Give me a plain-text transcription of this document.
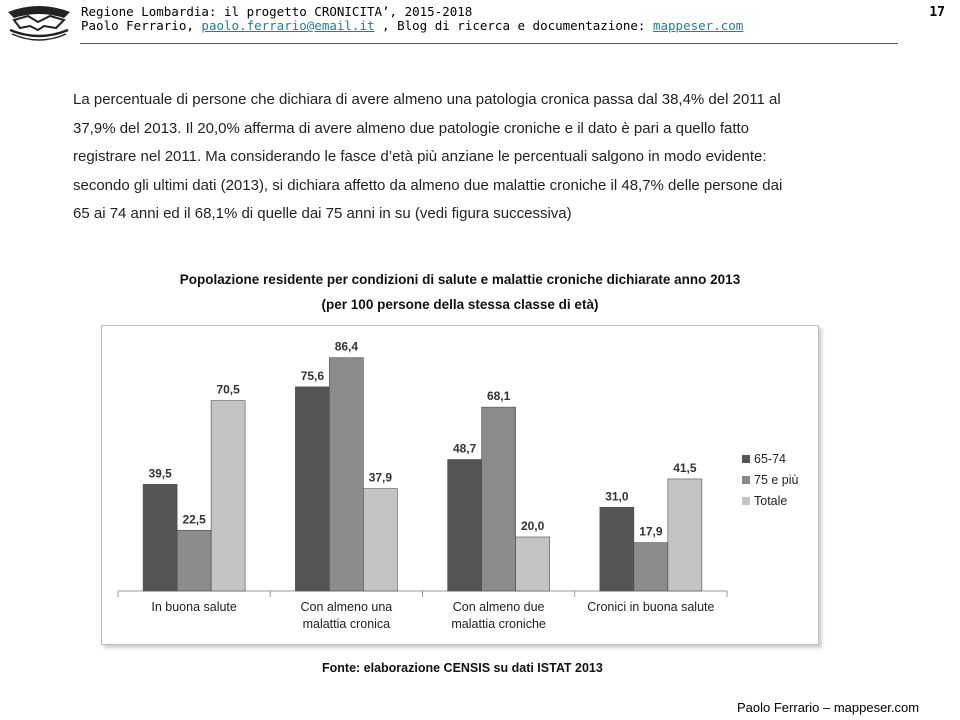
Regione Lombardia: il progetto CRONICITA’, 2015-2018
Paolo Ferrario, paolo.ferrario@email.it , Blog di ricerca e documentazione: mappeser.com
17
La percentuale di persone che dichiara di avere almeno una patologia cronica passa dal 38,4% del 2011 al
37,9% del 2013. Il 20,0% afferma di avere almeno due patologie croniche e il dato è pari a quello fatto
registrare nel 2011. Ma considerando le fasce d’età più anziane le percentuali salgono in modo evidente:
secondo gli ultimi dati (2013), si dichiara affetto da almeno due malattie croniche il 48,7% delle persone dai
65 ai 74 anni ed il 68,1% di quelle dai 75 anni in su (vedi figura successiva)
Popolazione residente per condizioni di salute e malattie croniche dichiarate anno 2013
(per 100 persone della stessa classe di età)
39,5
22,5
70,5
In buona salute
75,6
86,4
37,9
Con almeno una
malattia cronica
48,7
68,1
20,0
Con almeno due
malattia croniche
31,0
17,9
41,5
Cronici in buona salute
65-74
75 e più
Totale
Fonte: elaborazione CENSIS su dati ISTAT 2013
Paolo Ferrario – mappeser.com
